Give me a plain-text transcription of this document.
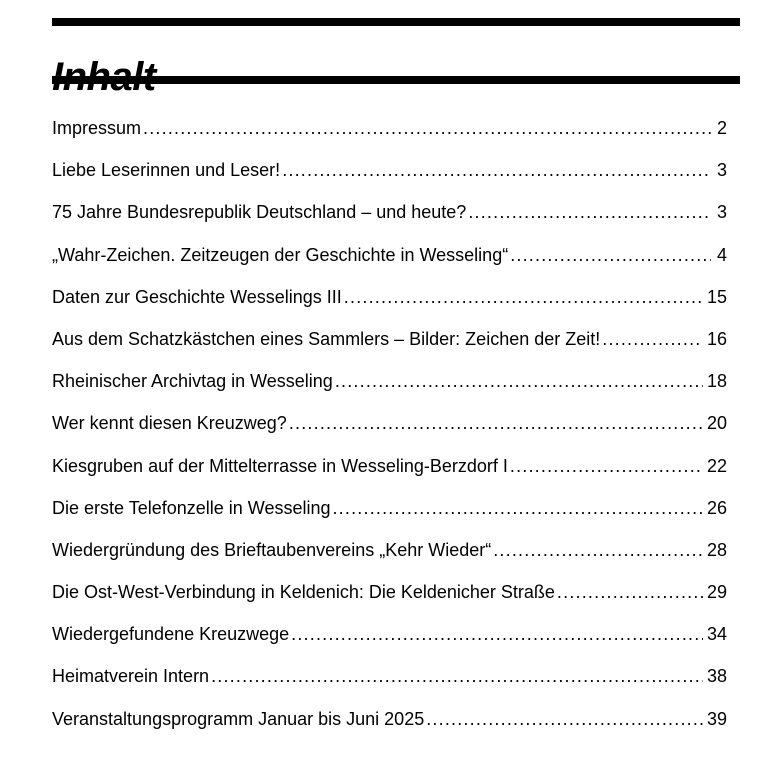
Impressum .....	2
Liebe Leserinnen und Leser! .....	3
75 Jahre Bundesrepublik Deutschland – und heute? .....	3
„Wahr-Zeichen. Zeitzeugen der Geschichte in Wesseling“ .....	4
Daten zur Geschichte Wesselings III .....	15
Aus dem Schatzkästchen eines Sammlers – Bilder: Zeichen der Zeit! .....	16
Rheinischer Archivtag in Wesseling .....	18
Wer kennt diesen Kreuzweg? .....	20
Kiesgruben auf der Mittelterrasse in Wesseling-Berzdorf I .....	22
Die erste Telefonzelle in Wesseling .....	26
Wiedergründung des Brieftaubenvereins „Kehr Wieder“ .....	28
Die Ost-West-Verbindung in Keldenich: Die Keldenicher Straße .....	29
Wiedergefundene Kreuzwege .....	34
Heimatverein Intern .....	38
Veranstaltungsprogramm Januar bis Juni 2025 .....	39
